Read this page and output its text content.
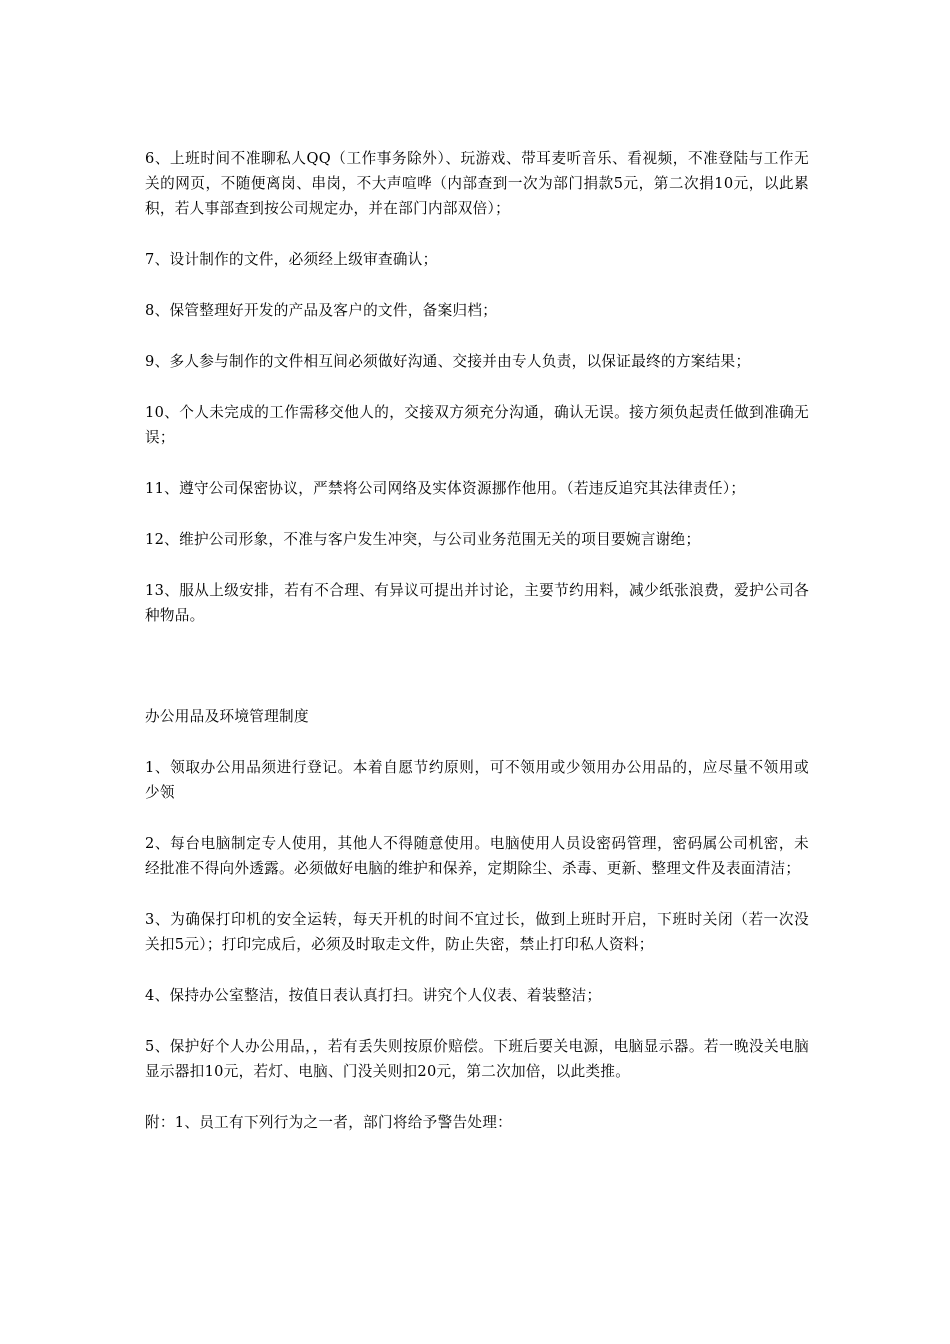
6、上班时间不准聊私人QQ（工作事务除外）、玩游戏、带耳麦听音乐、看视频，不准登陆与工作无关的网页，不随便离岗、串岗，不大声喧哗（内部查到一次为部门捐款5元，第二次捐10元，以此累积，若人事部查到按公司规定办，并在部门内部双倍）；

7、设计制作的文件，必须经上级审查确认；

8、保管整理好开发的产品及客户的文件，备案归档；

9、多人参与制作的文件相互间必须做好沟通、交接并由专人负责，以保证最终的方案结果；

10、个人未完成的工作需移交他人的，交接双方须充分沟通，确认无误。接方须负起责任做到准确无误；

11、遵守公司保密协议，严禁将公司网络及实体资源挪作他用。（若违反追究其法律责任）；

12、维护公司形象，不准与客户发生冲突，与公司业务范围无关的项目要婉言谢绝；

13、服从上级安排，若有不合理、有异议可提出并讨论，主要节约用料，减少纸张浪费，爱护公司各种物品。

办公用品及环境管理制度

1、领取办公用品须进行登记。本着自愿节约原则，可不领用或少领用办公用品的，应尽量不领用或少领

2、每台电脑制定专人使用，其他人不得随意使用。电脑使用人员设密码管理，密码属公司机密，未经批准不得向外透露。必须做好电脑的维护和保养，定期除尘、杀毒、更新、整理文件及表面清洁；

3、为确保打印机的安全运转，每天开机的时间不宜过长，做到上班时开启，下班时关闭（若一次没关扣5元）；打印完成后，必须及时取走文件，防止失密，禁止打印私人资料；

4、保持办公室整洁，按值日表认真打扫。讲究个人仪表、着装整洁；

5、保护好个人办公用品，，若有丢失则按原价赔偿。下班后要关电源，电脑显示器。若一晚没关电脑显示器扣10元，若灯、电脑、门没关则扣20元，第二次加倍，以此类推。

附：1、员工有下列行为之一者，部门将给予警告处理：
